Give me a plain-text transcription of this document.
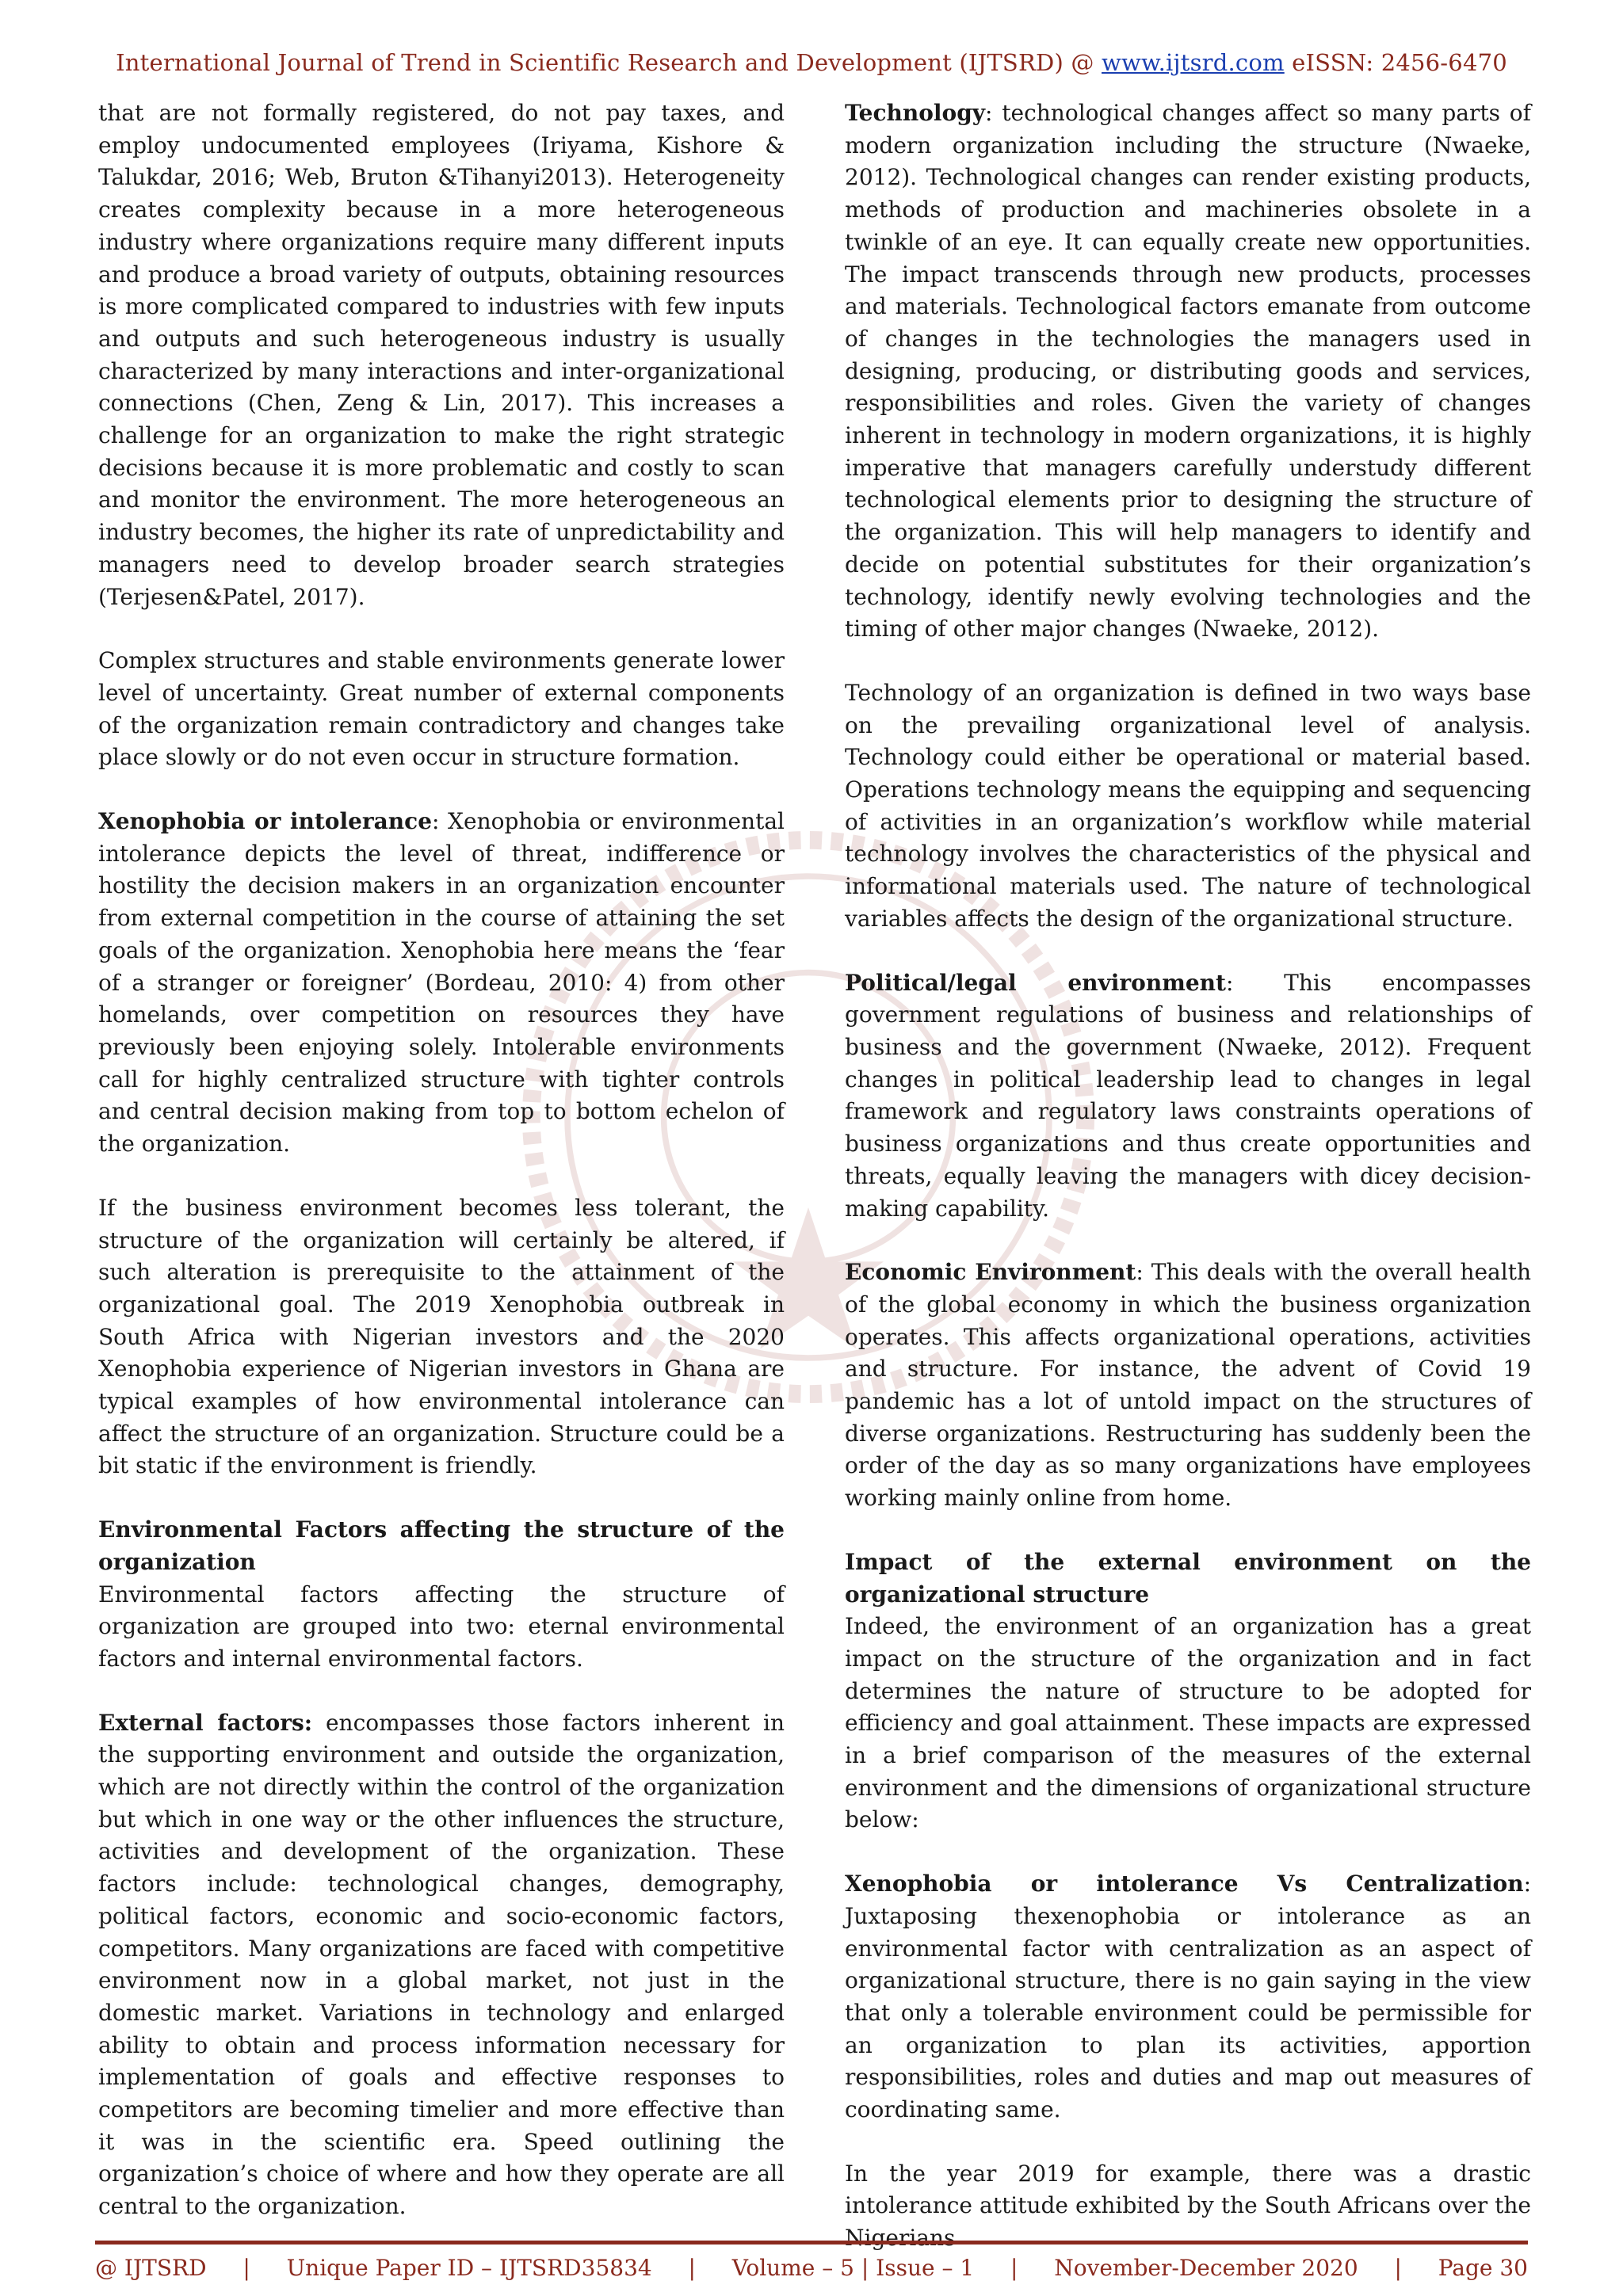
International Journal of Trend in Scientific Research and Development (IJTSRD) @ www.ijtsrd.com eISSN: 2456-6470

that are not formally registered, do not pay taxes, and employ undocumented employees (Iriyama, Kishore & Talukdar, 2016; Web, Bruton &Tihanyi2013). Heterogeneity creates complexity because in a more heterogeneous industry where organizations require many different inputs and produce a broad variety of outputs, obtaining resources is more complicated compared to industries with few inputs and outputs and such heterogeneous industry is usually characterized by many interactions and inter-organizational connections (Chen, Zeng & Lin, 2017). This increases a challenge for an organization to make the right strategic decisions because it is more problematic and costly to scan and monitor the environment. The more heterogeneous an industry becomes, the higher its rate of unpredictability and managers need to develop broader search strategies (Terjesen&Patel, 2017).

Complex structures and stable environments generate lower level of uncertainty. Great number of external components of the organization remain contradictory and changes take place slowly or do not even occur in structure formation.

Xenophobia or intolerance: Xenophobia or environmental intolerance depicts the level of threat, indifference or hostility the decision makers in an organization encounter from external competition in the course of attaining the set goals of the organization. Xenophobia here means the ‘fear of a stranger or foreigner’ (Bordeau, 2010: 4) from other homelands, over competition on resources they have previously been enjoying solely. Intolerable environments call for highly centralized structure with tighter controls and central decision making from top to bottom echelon of the organization.

If the business environment becomes less tolerant, the structure of the organization will certainly be altered, if such alteration is prerequisite to the attainment of the organizational goal. The 2019 Xenophobia outbreak in South Africa with Nigerian investors and the 2020 Xenophobia experience of Nigerian investors in Ghana are typical examples of how environmental intolerance can affect the structure of an organization. Structure could be a bit static if the environment is friendly.

Environmental Factors affecting the structure of the organization

Environmental factors affecting the structure of organization are grouped into two: eternal environmental factors and internal environmental factors.

External factors: encompasses those factors inherent in the supporting environment and outside the organization, which are not directly within the control of the organization but which in one way or the other influences the structure, activities and development of the organization. These factors include: technological changes, demography, political factors, economic and socio-economic factors, competitors. Many organizations are faced with competitive environment now in a global market, not just in the domestic market. Variations in technology and enlarged ability to obtain and process information necessary for implementation of goals and effective responses to competitors are becoming timelier and more effective than it was in the scientific era. Speed outlining the organization’s choice of where and how they operate are all central to the organization.

Technology: technological changes affect so many parts of modern organization including the structure (Nwaeke, 2012). Technological changes can render existing products, methods of production and machineries obsolete in a twinkle of an eye. It can equally create new opportunities. The impact transcends through new products, processes and materials. Technological factors emanate from outcome of changes in the technologies the managers used in designing, producing, or distributing goods and services, responsibilities and roles. Given the variety of changes inherent in technology in modern organizations, it is highly imperative that managers carefully understudy different technological elements prior to designing the structure of the organization. This will help managers to identify and decide on potential substitutes for their organization’s technology, identify newly evolving technologies and the timing of other major changes (Nwaeke, 2012).

Technology of an organization is defined in two ways base on the prevailing organizational level of analysis. Technology could either be operational or material based. Operations technology means the equipping and sequencing of activities in an organization’s workflow while material technology involves the characteristics of the physical and informational materials used. The nature of technological variables affects the design of the organizational structure.

Political/legal environment: This encompasses government regulations of business and relationships of business and the government (Nwaeke, 2012). Frequent changes in political leadership lead to changes in legal framework and regulatory laws constraints operations of business organizations and thus create opportunities and threats, equally leaving the managers with dicey decision-making capability.

Economic Environment: This deals with the overall health of the global economy in which the business organization operates. This affects organizational operations, activities and structure. For instance, the advent of Covid 19 pandemic has a lot of untold impact on the structures of diverse organizations. Restructuring has suddenly been the order of the day as so many organizations have employees working mainly online from home.

Impact of the external environment on the organizational structure

Indeed, the environment of an organization has a great impact on the structure of the organization and in fact determines the nature of structure to be adopted for efficiency and goal attainment. These impacts are expressed in a brief comparison of the measures of the external environment and the dimensions of organizational structure below:

Xenophobia or intolerance Vs Centralization: Juxtaposing thexenophobia or intolerance as an environmental factor with centralization as an aspect of organizational structure, there is no gain saying in the view that only a tolerable environment could be permissible for an organization to plan its activities, apportion responsibilities, roles and duties and map out measures of coordinating same.

In the year 2019 for example, there was a drastic intolerance attitude exhibited by the South Africans over the Nigerians

@ IJTSRD | Unique Paper ID – IJTSRD35834 | Volume – 5 | Issue – 1 | November-December 2020 | Page 30
